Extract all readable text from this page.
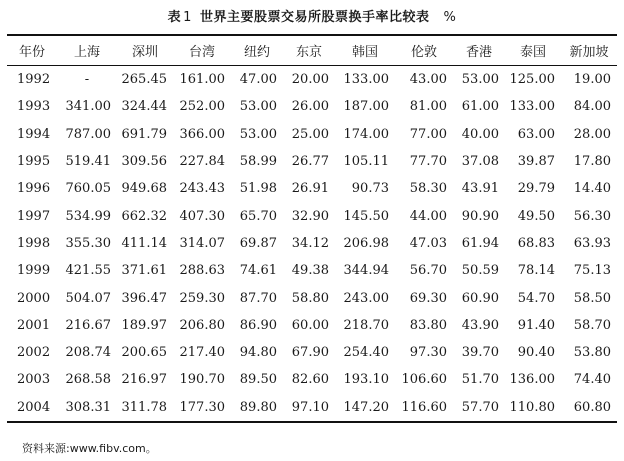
表 1 世界主要股票交易所股票换手率比较表 %
年份	上海	深圳	台湾	纽约	东京	韩国	伦敦	香港	泰国	新加坡
1992	-	265.45	161.00	47.00	20.00	133.00	43.00	53.00	125.00	19.00
1993	341.00	324.44	252.00	53.00	26.00	187.00	81.00	61.00	133.00	84.00
1994	787.00	691.79	366.00	53.00	25.00	174.00	77.00	40.00	63.00	28.00
1995	519.41	309.56	227.84	58.99	26.77	105.11	77.70	37.08	39.87	17.80
1996	760.05	949.68	243.43	51.98	26.91	90.73	58.30	43.91	29.79	14.40
1997	534.99	662.32	407.30	65.70	32.90	145.50	44.00	90.90	49.50	56.30
1998	355.30	411.14	314.07	69.87	34.12	206.98	47.03	61.94	68.83	63.93
1999	421.55	371.61	288.63	74.61	49.38	344.94	56.70	50.59	78.14	75.13
2000	504.07	396.47	259.30	87.70	58.80	243.00	69.30	60.90	54.70	58.50
2001	216.67	189.97	206.80	86.90	60.00	218.70	83.80	43.90	91.40	58.70
2002	208.74	200.65	217.40	94.80	67.90	254.40	97.30	39.70	90.40	53.80
2003	268.58	216.97	190.70	89.50	82.60	193.10	106.60	51.70	136.00	74.40
2004	308.31	311.78	177.30	89.80	97.10	147.20	116.60	57.70	110.80	60.80
资料来源:www.fibv.com。
